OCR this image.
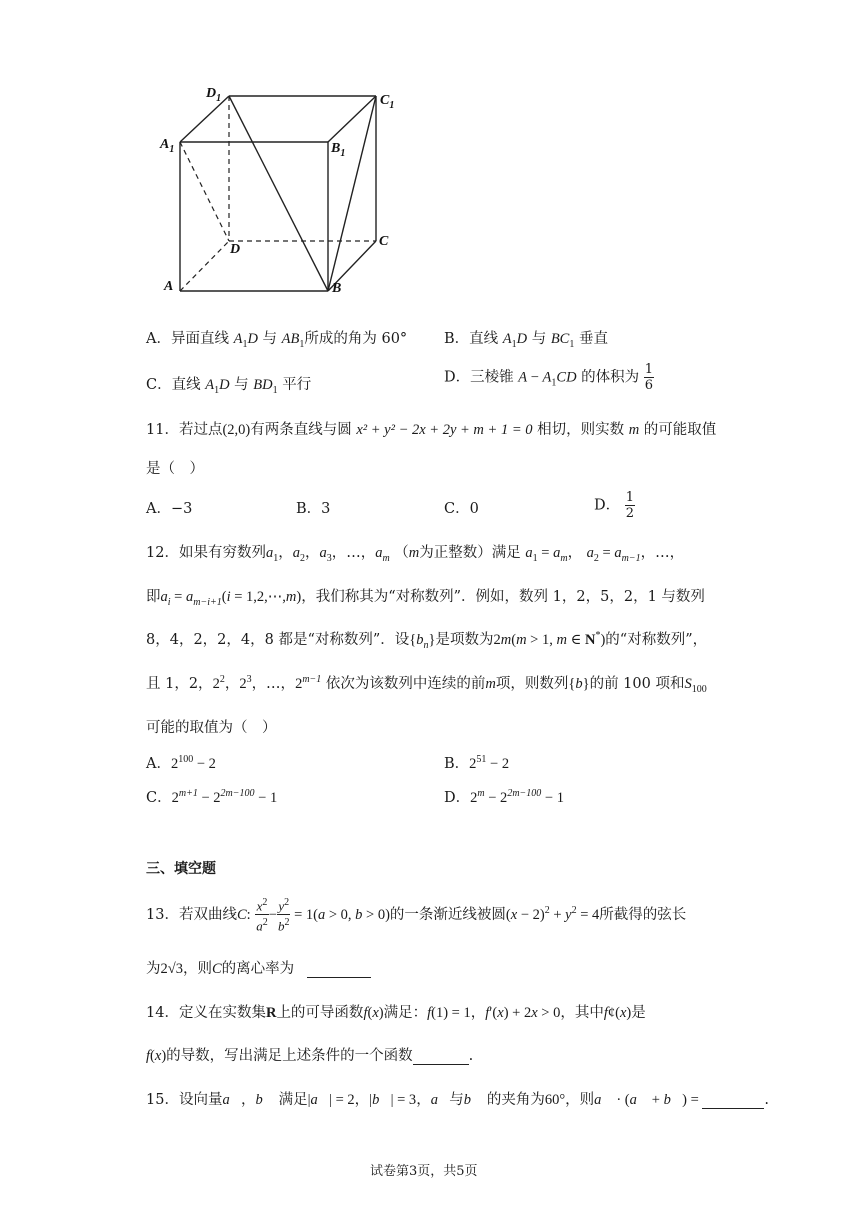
$D_1$	$C_1$
$A_1$	$B_1$
D
C
A	B
A．异面直线 $A_1D$ 与 $AB_1$所成的角为 60°	B．直线 $A_1D$ 与 $BC_1$ 垂直
C．直线 $A_1D$ 与 $BD_1$ 平行	D．三棱锥 $A - A_1CD$ 的体积为 $\frac{1}{6}$
11．若过点(2,0)有两条直线与圆 x² + y² − 2x + 2y + m + 1 = 0 相切，则实数 m 的可能取值
是（　）
A．−3	B．3	C．0	D． $\frac{1}{2}$
12．如果有穷数列$a_1$，$a_2$，$a_3$，…，$a_m$ （m为正整数）满足 $a_1 = a_m$， $a_2 = a_{m-1}$，…，
即$a_i = a_{m-i+1}(i$ = 1,2,⋯,m)，我们称其为“对称数列”．例如，数列 1，2，5，2，1 与数列
8，4，2，2，4，8 都是“对称数列”．设$\{b_n\}$是项数为2m(m > 1, m ∈ N*)的“对称数列”，
且 1，2，$2^2$，$2^3$，…，$2^{m-1}$ 依次为该数列中连续的前m项，则数列{b}的前 100 项和$S_{100}$
可能的取值为（　）
A．$2^{100} - 2$	B．$2^{51} - 2$
C．$2^{m+1} - 2^{2m-100} - 1$	D．$2^m - 2^{2m-100} - 1$
三、填空题
13．若双曲线C: $\frac{x^2}{a^2} - \frac{y^2}{b^2} = 1(a > 0$, b > 0)的一条渐近线被圆$(x - 2)^2 + y^2 = 4$所截得的弦长
为2√3，则C的离心率为
14．定义在实数集R上的可导函数f(x)满足：f(1) = 1，f′(x) + 2x > 0，其中f¢(x)是
f(x)的导数，写出满足上述条件的一个函数	.
15．设向量a⃗，b⃗ 满足|a⃗| = 2，|b⃗| = 3，a⃗与b⃗ 的夹角为60°，则a⃗ · (a⃗ + b⃗) =	.
试卷第3页，共5页
